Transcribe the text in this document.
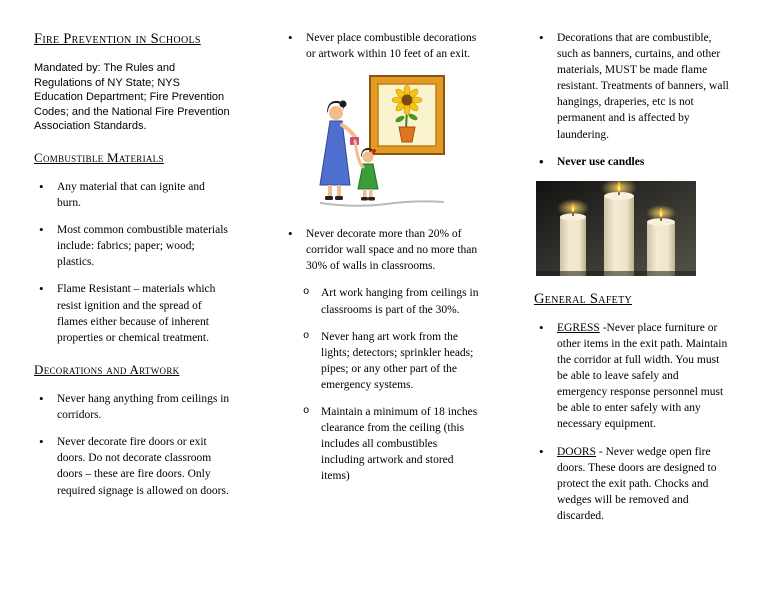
Fire Prevention in Schools

Mandated by: The Rules and Regulations of NY State; NYS Education Department; Fire Prevention Codes; and the National Fire Prevention Association Standards.

Combustible Materials
• Any material that can ignite and burn.
• Most common combustible materials include: fabrics; paper; wood; plastics.
• Flame Resistant – materials which resist ignition and the spread of flames either because of inherent properties or chemical treatment.
Decorations and Artwork
• Never hang anything from ceilings in corridors.
• Never decorate fire doors or exit doors. Do not decorate classroom doors – these are fire doors. Only required signage is allowed on doors.
• Never place combustible decorations or artwork within 10 feet of an exit.
• Never decorate more than 20% of corridor wall space and no more than 30% of walls in classrooms.
o Art work hanging from ceilings in classrooms is part of the 30%.
o Never hang art work from the lights; detectors; sprinkler heads; pipes; or any other part of the emergency systems.
o Maintain a minimum of 18 inches clearance from the ceiling (this includes all combustibles including artwork and stored items)
• Decorations that are combustible, such as banners, curtains, and other materials, MUST be made flame resistant. Treatments of banners, wall hangings, draperies, etc is not permanent and is affected by laundering.
• Never use candles
General Safety
• EGRESS -Never place furniture or other items in the exit path. Maintain the corridor at full width. You must be able to leave safely and emergency response personnel must be able to enter safely with any necessary equipment.
• DOORS - Never wedge open fire doors. These doors are designed to protect the exit path. Chocks and wedges will be removed and discarded.
